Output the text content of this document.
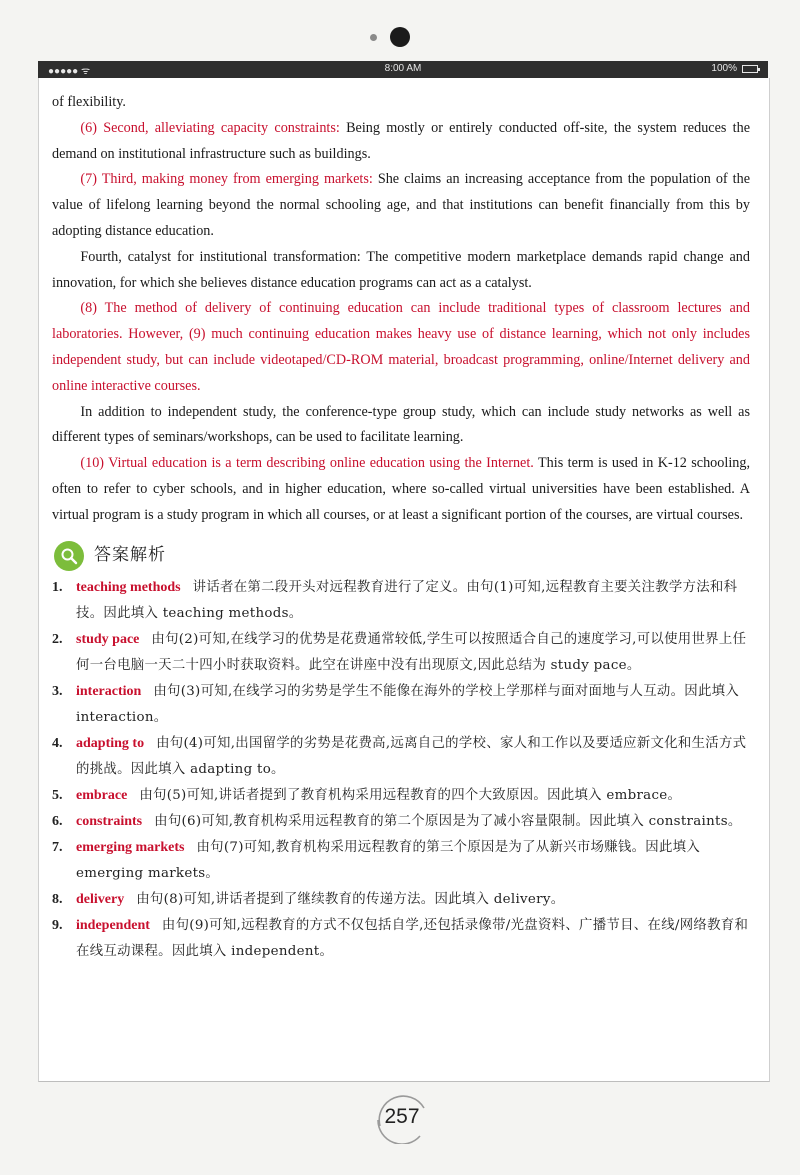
●●●●● ᯤ	8:00 AM	100%

of flexibility.

(6) Second, alleviating capacity constraints: Being mostly or entirely conducted off-site, the system reduces the demand on institutional infrastructure such as buildings.

(7) Third, making money from emerging markets: She claims an increasing acceptance from the population of the value of lifelong learning beyond the normal schooling age, and that institutions can benefit financially from this by adopting distance education.

Fourth, catalyst for institutional transformation: The competitive modern marketplace demands rapid change and innovation, for which she believes distance education programs can act as a catalyst.

(8) The method of delivery of continuing education can include traditional types of classroom lectures and laboratories. However, (9) much continuing education makes heavy use of distance learning, which not only includes independent study, but can include videotaped/CD-ROM material, broadcast programming, online/Internet delivery and online interactive courses.

In addition to independent study, the conference-type group study, which can include study networks as well as different types of seminars/workshops, can be used to facilitate learning.

(10) Virtual education is a term describing online education using the Internet. This term is used in K-12 schooling, often to refer to cyber schools, and in higher education, where so-called virtual universities have been established. A virtual program is a study program in which all courses, or at least a significant portion of the courses, are virtual courses.

答案解析
1. teaching methods 讲话者在第二段开头对远程教育进行了定义。由句(1)可知,远程教育主要关注教学方法和科技。因此填入 teaching methods。
2. study pace 由句(2)可知,在线学习的优势是花费通常较低,学生可以按照适合自己的速度学习,可以使用世界上任何一台电脑一天二十四小时获取资料。此空在讲座中没有出现原文,因此总结为 study pace。
3. interaction 由句(3)可知,在线学习的劣势是学生不能像在海外的学校上学那样与面对面地与人互动。因此填入 interaction。
4. adapting to 由句(4)可知,出国留学的劣势是花费高,远离自己的学校、家人和工作以及要适应新文化和生活方式的挑战。因此填入 adapting to。
5. embrace 由句(5)可知,讲话者提到了教育机构采用远程教育的四个大致原因。因此填入 embrace。
6. constraints 由句(6)可知,教育机构采用远程教育的第二个原因是为了减小容量限制。因此填入 constraints。
7. emerging markets 由句(7)可知,教育机构采用远程教育的第三个原因是为了从新兴市场赚钱。因此填入 emerging markets。
8. delivery 由句(8)可知,讲话者提到了继续教育的传递方法。因此填入 delivery。
9. independent 由句(9)可知,远程教育的方式不仅包括自学,还包括录像带/光盘资料、广播节目、在线/网络教育和在线互动课程。因此填入 independent。
257
